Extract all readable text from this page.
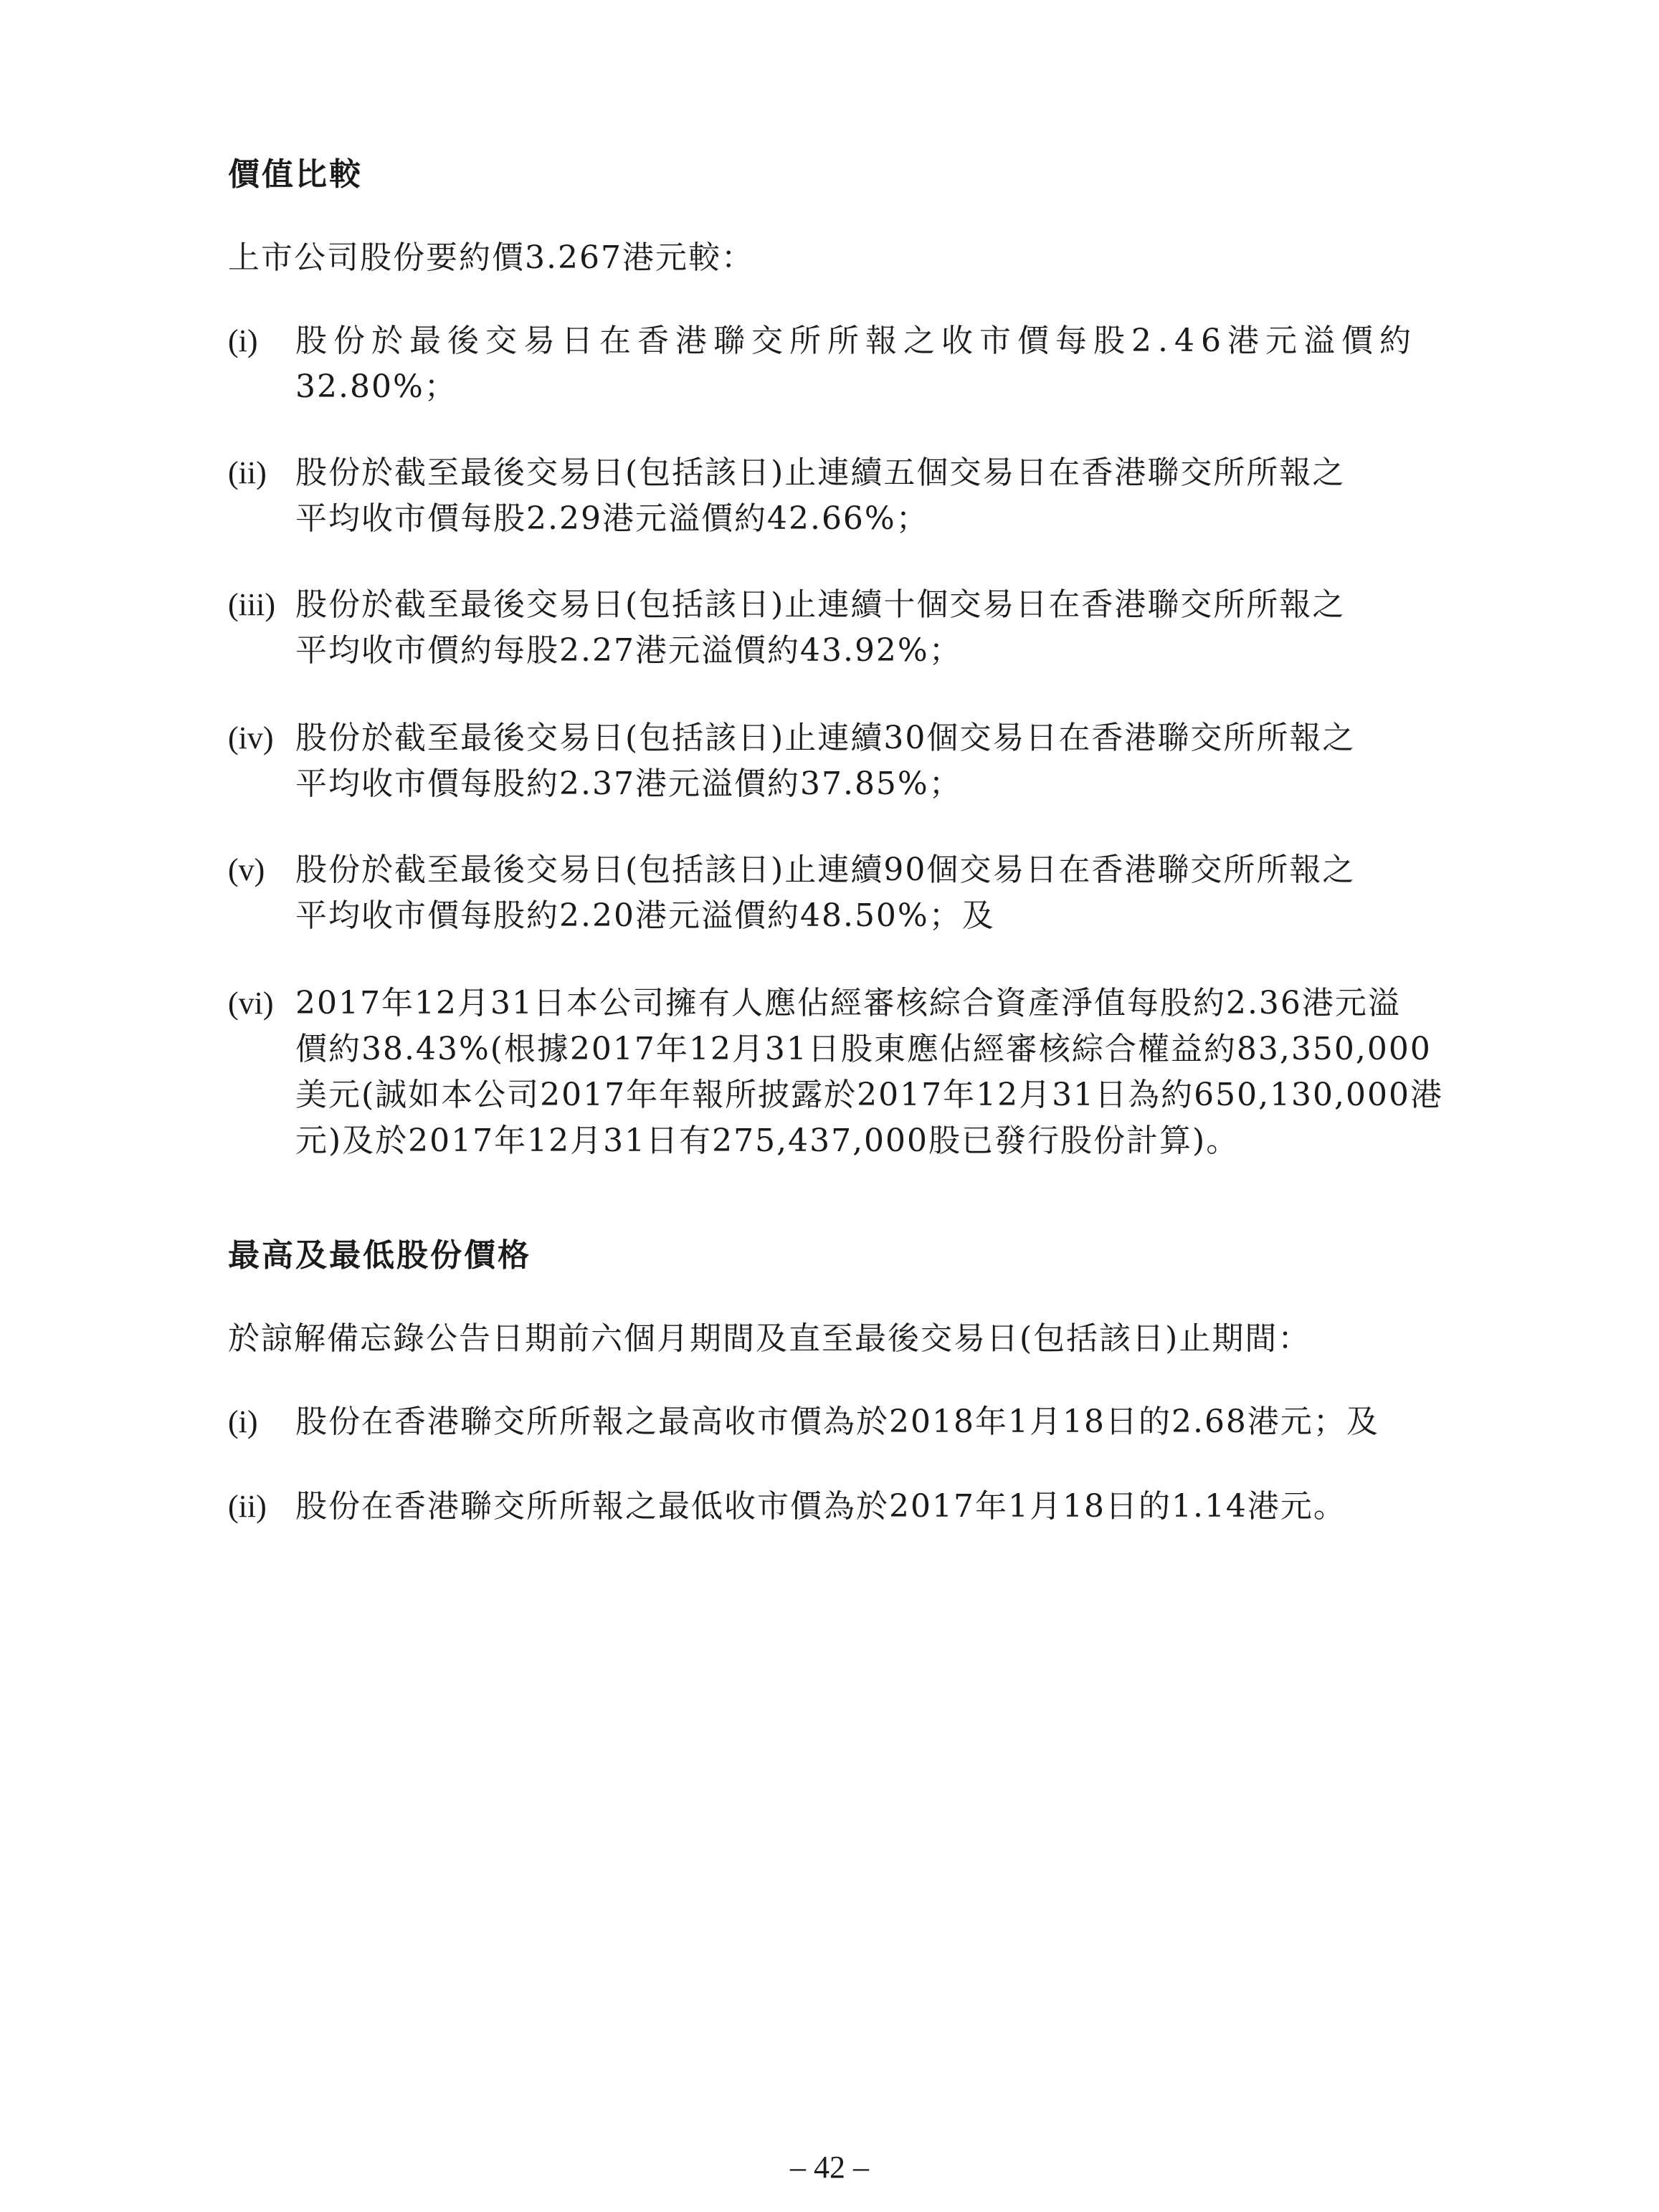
價值比較
上市公司股份要約價3.267港元較：
(i) 股份於最後交易日在香港聯交所所報之收市價每股2.46港元溢價約
32.80%；
(ii) 股份於截至最後交易日(包括該日)止連續五個交易日在香港聯交所所報之
平均收市價每股2.29港元溢價約42.66%；
(iii) 股份於截至最後交易日(包括該日)止連續十個交易日在香港聯交所所報之
平均收市價約每股2.27港元溢價約43.92%；
(iv) 股份於截至最後交易日(包括該日)止連續30個交易日在香港聯交所所報之
平均收市價每股約2.37港元溢價約37.85%；
(v) 股份於截至最後交易日(包括該日)止連續90個交易日在香港聯交所所報之
平均收市價每股約2.20港元溢價約48.50%；及
(vi) 2017年12月31日本公司擁有人應佔經審核綜合資產淨值每股約2.36港元溢
價約38.43%(根據2017年12月31日股東應佔經審核綜合權益約83,350,000
美元(誠如本公司2017年年報所披露於2017年12月31日為約650,130,000港
元)及於2017年12月31日有275,437,000股已發行股份計算)。
最高及最低股份價格
於諒解備忘錄公告日期前六個月期間及直至最後交易日(包括該日)止期間：
(i) 股份在香港聯交所所報之最高收市價為於2018年1月18日的2.68港元；及
(ii) 股份在香港聯交所所報之最低收市價為於2017年1月18日的1.14港元。
– 42 –
